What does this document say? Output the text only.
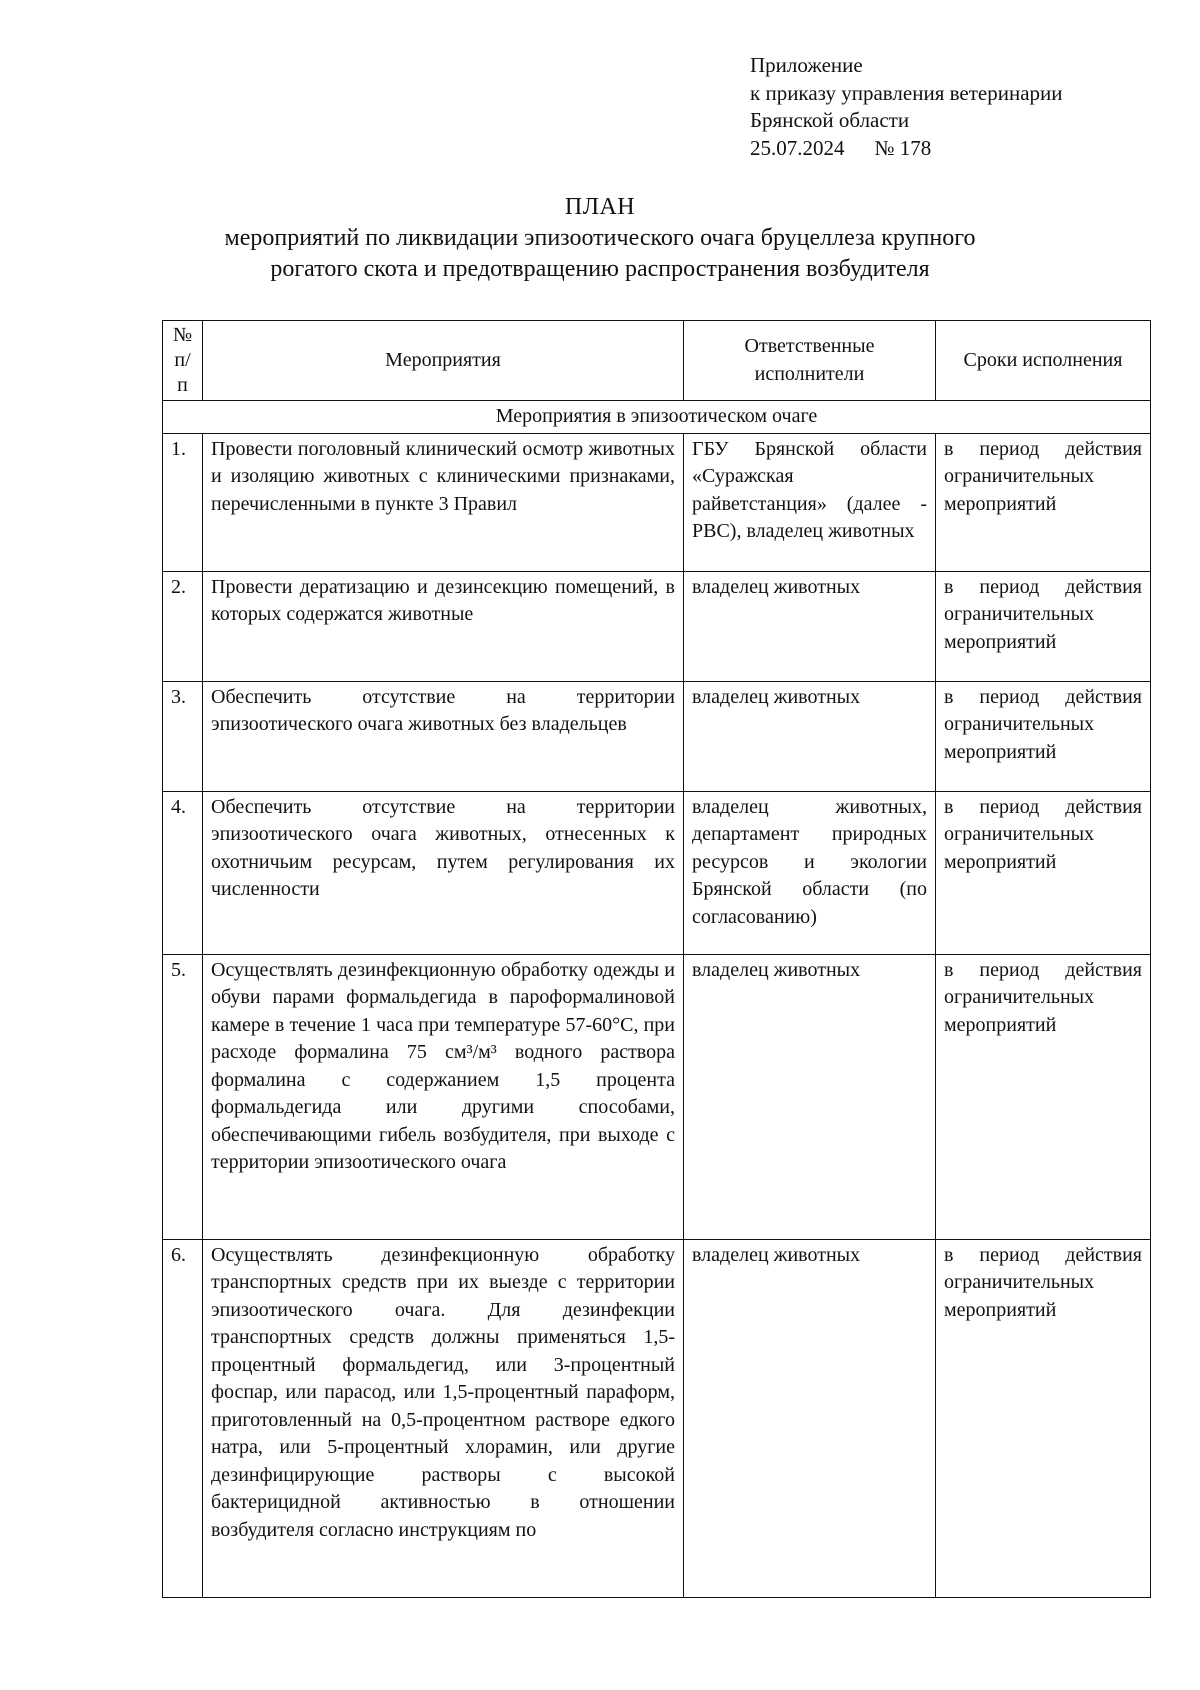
Приложение
к приказу управления ветеринарии
Брянской области
25.07.2024 № 178
ПЛАН
мероприятий по ликвидации эпизоотического очага бруцеллеза крупного
рогатого скота и предотвращению распространения возбудителя
№ п/п	Мероприятия	Ответственные исполнители	Сроки исполнения
Мероприятия в эпизоотическом очаге			
1.	Провести поголовный клинический осмотр животных и изоляцию животных с клиническими признаками, перечисленными в пункте 3 Правил	ГБУ Брянской области «Суражская райветстанция» (далее - РВС), владелец животных	в период действия ограничительных мероприятий
2.	Провести дератизацию и дезинсекцию помещений, в которых содержатся животные	владелец животных	в период действия ограничительных мероприятий
3.	Обеспечить отсутствие на территории эпизоотического очага животных без владельцев	владелец животных	в период действия ограничительных мероприятий
4.	Обеспечить отсутствие на территории эпизоотического очага животных, отнесенных к охотничьим ресурсам, путем регулирования их численности	владелец животных, департамент природных ресурсов и экологии Брянской области (по согласованию)	в период действия ограничительных мероприятий
5.	Осуществлять дезинфекционную обработку одежды и обуви парами формальдегида в пароформалиновой камере в течение 1 часа при температуре 57-60°C, при расходе формалина 75 см³/м³ водного раствора формалина с содержанием 1,5 процента формальдегида или другими способами, обеспечивающими гибель возбудителя, при выходе с территории эпизоотического очага	владелец животных	в период действия ограничительных мероприятий
6.	Осуществлять дезинфекционную обработку транспортных средств при их выезде с территории эпизоотического очага. Для дезинфекции транспортных средств должны применяться 1,5-процентный формальдегид, или 3-процентный фоспар, или парасод, или 1,5-процентный параформ, приготовленный на 0,5-процентном растворе едкого натра, или 5-процентный хлорамин, или другие дезинфицирующие растворы с высокой бактерицидной активностью в отношении возбудителя согласно инструкциям по	владелец животных	в период действия ограничительных мероприятий
